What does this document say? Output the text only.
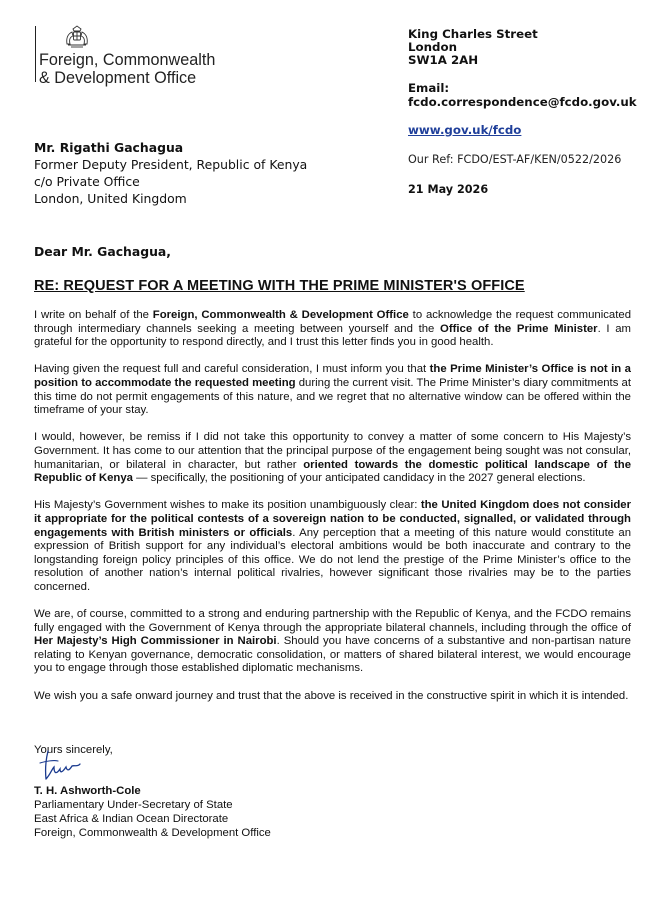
Foreign, Commonwealth
& Development Office
King Charles Street
London
SW1A 2AH
Email:
fcdo.correspondence@fcdo.gov.uk
www.gov.uk/fcdo
Our Ref: FCDO/EST-AF/KEN/0522/2026
21 May 2026
Mr. Rigathi Gachagua
Former Deputy President, Republic of Kenya
c/o Private Office
London, United Kingdom
Dear Mr. Gachagua,
RE: REQUEST FOR A MEETING WITH THE PRIME MINISTER'S OFFICE

I write on behalf of the Foreign, Commonwealth & Development Office to acknowledge the request communicated through intermediary channels seeking a meeting between yourself and the Office of the Prime Minister. I am grateful for the opportunity to respond directly, and I trust this letter finds you in good health.

Having given the request full and careful consideration, I must inform you that the Prime Minister’s Office is not in a position to accommodate the requested meeting during the current visit. The Prime Minister’s diary commitments at this time do not permit engagements of this nature, and we regret that no alternative window can be offered within the timeframe of your stay.

I would, however, be remiss if I did not take this opportunity to convey a matter of some concern to His Majesty’s Government. It has come to our attention that the principal purpose of the engagement being sought was not consular, humanitarian, or bilateral in character, but rather oriented towards the domestic political landscape of the Republic of Kenya — specifically, the positioning of your anticipated candidacy in the 2027 general elections.

His Majesty’s Government wishes to make its position unambiguously clear: the United Kingdom does not consider it appropriate for the political contests of a sovereign nation to be conducted, signalled, or validated through engagements with British ministers or officials. Any perception that a meeting of this nature would constitute an expression of British support for any individual’s electoral ambitions would be both inaccurate and contrary to the longstanding foreign policy principles of this office. We do not lend the prestige of the Prime Minister’s office to the resolution of another nation’s internal political rivalries, however significant those rivalries may be to the parties concerned.

We are, of course, committed to a strong and enduring partnership with the Republic of Kenya, and the FCDO remains fully engaged with the Government of Kenya through the appropriate bilateral channels, including through the office of Her Majesty’s High Commissioner in Nairobi. Should you have concerns of a substantive and non-partisan nature relating to Kenyan governance, democratic consolidation, or matters of shared bilateral interest, we would encourage you to engage through those established diplomatic mechanisms.

We wish you a safe onward journey and trust that the above is received in the constructive spirit in which it is intended.

Yours sincerely,
T. H. Ashworth-Cole
Parliamentary Under-Secretary of State
East Africa & Indian Ocean Directorate
Foreign, Commonwealth & Development Office
